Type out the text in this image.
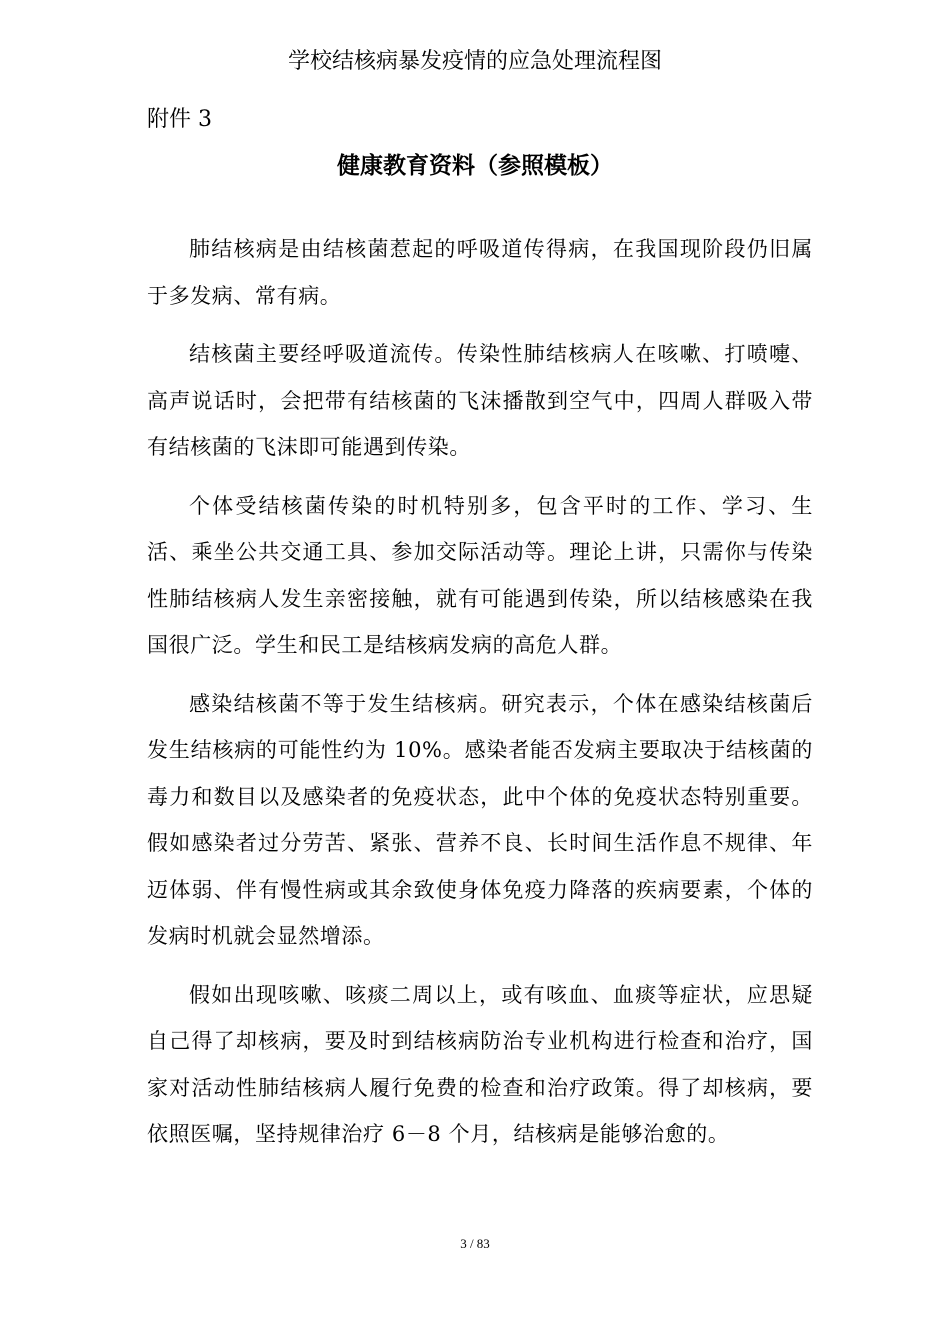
学校结核病暴发疫情的应急处理流程图
附件 3
健康教育资料（参照模板）

肺结核病是由结核菌惹起的呼吸道传得病，在我国现阶段仍旧属于多发病、常有病。

结核菌主要经呼吸道流传。传染性肺结核病人在咳嗽、打喷嚏、高声说话时，会把带有结核菌的飞沫播散到空气中，四周人群吸入带有结核菌的飞沫即可能遇到传染。

个体受结核菌传染的时机特别多，包含平时的工作、学习、生活、乘坐公共交通工具、参加交际活动等。理论上讲，只需你与传染性肺结核病人发生亲密接触，就有可能遇到传染，所以结核感染在我国很广泛。学生和民工是结核病发病的高危人群。

感染结核菌不等于发生结核病。研究表示，个体在感染结核菌后发生结核病的可能性约为 10%。感染者能否发病主要取决于结核菌的毒力和数目以及感染者的免疫状态，此中个体的免疫状态特别重要。假如感染者过分劳苦、紧张、营养不良、长时间生活作息不规律、年迈体弱、伴有慢性病或其余致使身体免疫力降落的疾病要素，个体的发病时机就会显然增添。

假如出现咳嗽、咳痰二周以上，或有咳血、血痰等症状，应思疑自己得了却核病，要及时到结核病防治专业机构进行检查和治疗，国家对活动性肺结核病人履行免费的检查和治疗政策。得了却核病，要依照医嘱，坚持规律治疗 6－8 个月，结核病是能够治愈的。

3 / 83
